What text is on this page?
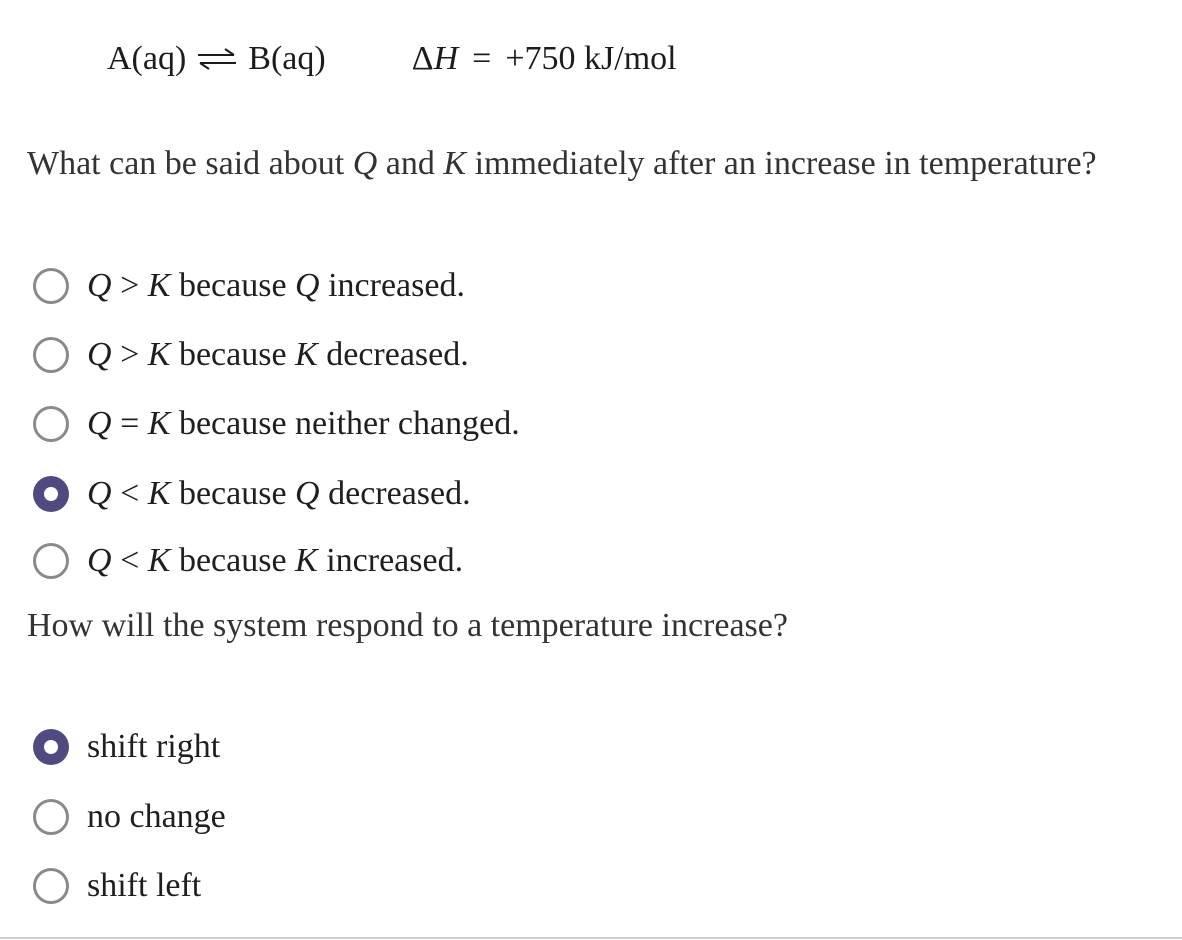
A(aq) ⇌ B(aq)	ΔH = +750 kJ/mol
What can be said about Q and K immediately after an increase in temperature?
Q > K because Q increased.
Q > K because K decreased.
Q = K because neither changed.
Q < K because Q decreased.
Q < K because K increased.
How will the system respond to a temperature increase?
shift right
no change
shift left
